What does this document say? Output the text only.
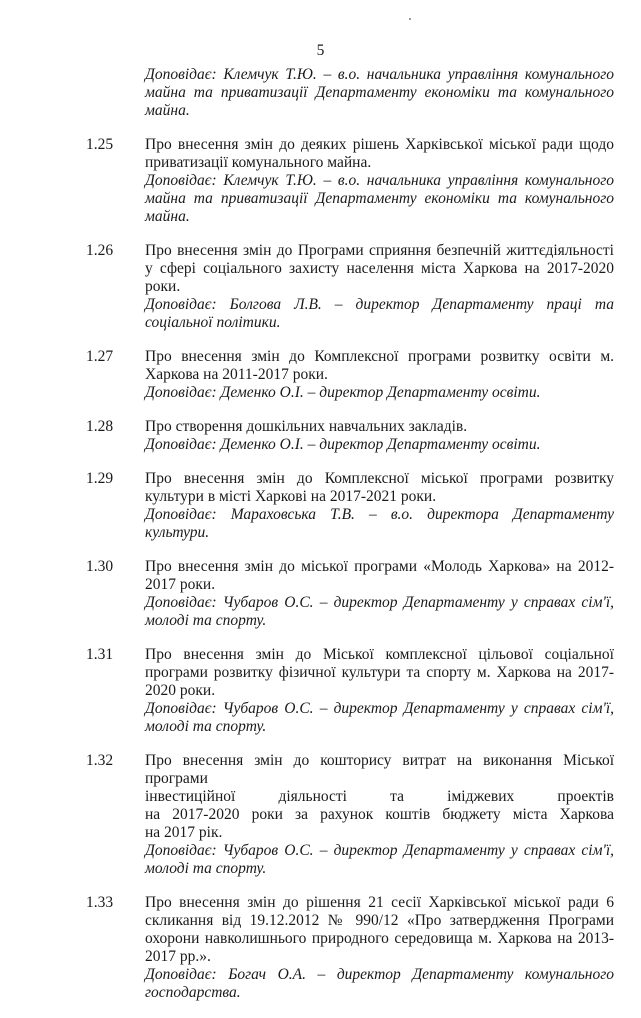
5
Доповідає: Клемчук Т.Ю. – в.о. начальника управління комунального майна та приватизації Департаменту економіки та комунального майна.
1.25	Про внесення змін до деяких рішень Харківської міської ради щодо приватизації комунального майна.
Доповідає: Клемчук Т.Ю. – в.о. начальника управління комунального майна та приватизації Департаменту економіки та комунального майна.
1.26	Про внесення змін до Програми сприяння безпечній життєдіяльності у сфері соціального захисту населення міста Харкова на 2017-2020 роки.
Доповідає: Болгова Л.В. – директор Департаменту праці та соціальної політики.
1.27	Про внесення змін до Комплексної програми розвитку освіти м. Харкова на 2011-2017 роки.
Доповідає: Деменко О.І. – директор Департаменту освіти.
1.28	Про створення дошкільних навчальних закладів.
Доповідає: Деменко О.І. – директор Департаменту освіти.
1.29	Про внесення змін до Комплексної міської програми розвитку культури в місті Харкові на 2017-2021 роки.
Доповідає: Мараховська Т.В. – в.о. директора Департаменту культури.
1.30	Про внесення змін до міської програми «Молодь Харкова» на 2012-2017 роки.
Доповідає: Чубаров О.С. – директор Департаменту у справах сім'ї, молоді та спорту.
1.31	Про внесення змін до Міської комплексної цільової соціальної програми розвитку фізичної культури та спорту м. Харкова на 2017-2020 роки.
Доповідає: Чубаров О.С. – директор Департаменту у справах сім'ї, молоді та спорту.
1.32	Про внесення змін до кошторису витрат на виконання Міської програми
інвестиційної діяльності та іміджевих проектів
на 2017-2020 роки за рахунок коштів бюджету міста Харкова
на 2017 рік.
Доповідає: Чубаров О.С. – директор Департаменту у справах сім'ї, молоді та спорту.
1.33	Про внесення змін до рішення 21 сесії Харківської міської ради 6 скликання від 19.12.2012 № 990/12 «Про затвердження Програми охорони навколишнього природного середовища м. Харкова на 2013-2017 рр.».
Доповідає: Богач О.А. – директор Департаменту комунального господарства.
